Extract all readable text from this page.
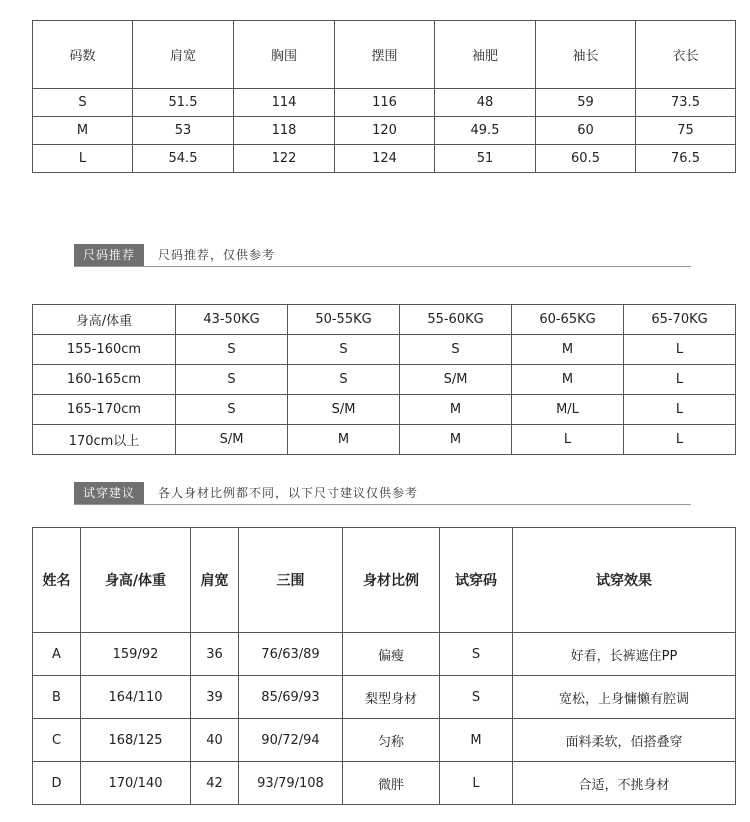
码数	肩宽	胸围	摆围	袖肥	袖长	衣长
S	51.5	114	116	48	59	73.5
M	53	118	120	49.5	60	75
L	54.5	122	124	51	60.5	76.5
尺码推荐	尺码推荐，仅供参考
身高/体重	43-50KG	50-55KG	55-60KG	60-65KG	65-70KG
155-160cm	S	S	S	M	L
160-165cm	S	S	S/M	M	L
165-170cm	S	S/M	M	M/L	L
170cm以上	S/M	M	M	L	L
试穿建议	各人身材比例都不同，以下尺寸建议仅供参考
姓名	身高/体重	肩宽	三围	身材比例	试穿码	试穿效果
A	159/92	36	76/63/89	偏瘦	S	好看，长裤遮住PP
B	164/110	39	85/69/93	梨型身材	S	宽松，上身慵懒有腔调
C	168/125	40	90/72/94	匀称	M	面料柔软，佰搭叠穿
D	170/140	42	93/79/108	微胖	L	合适，不挑身材
